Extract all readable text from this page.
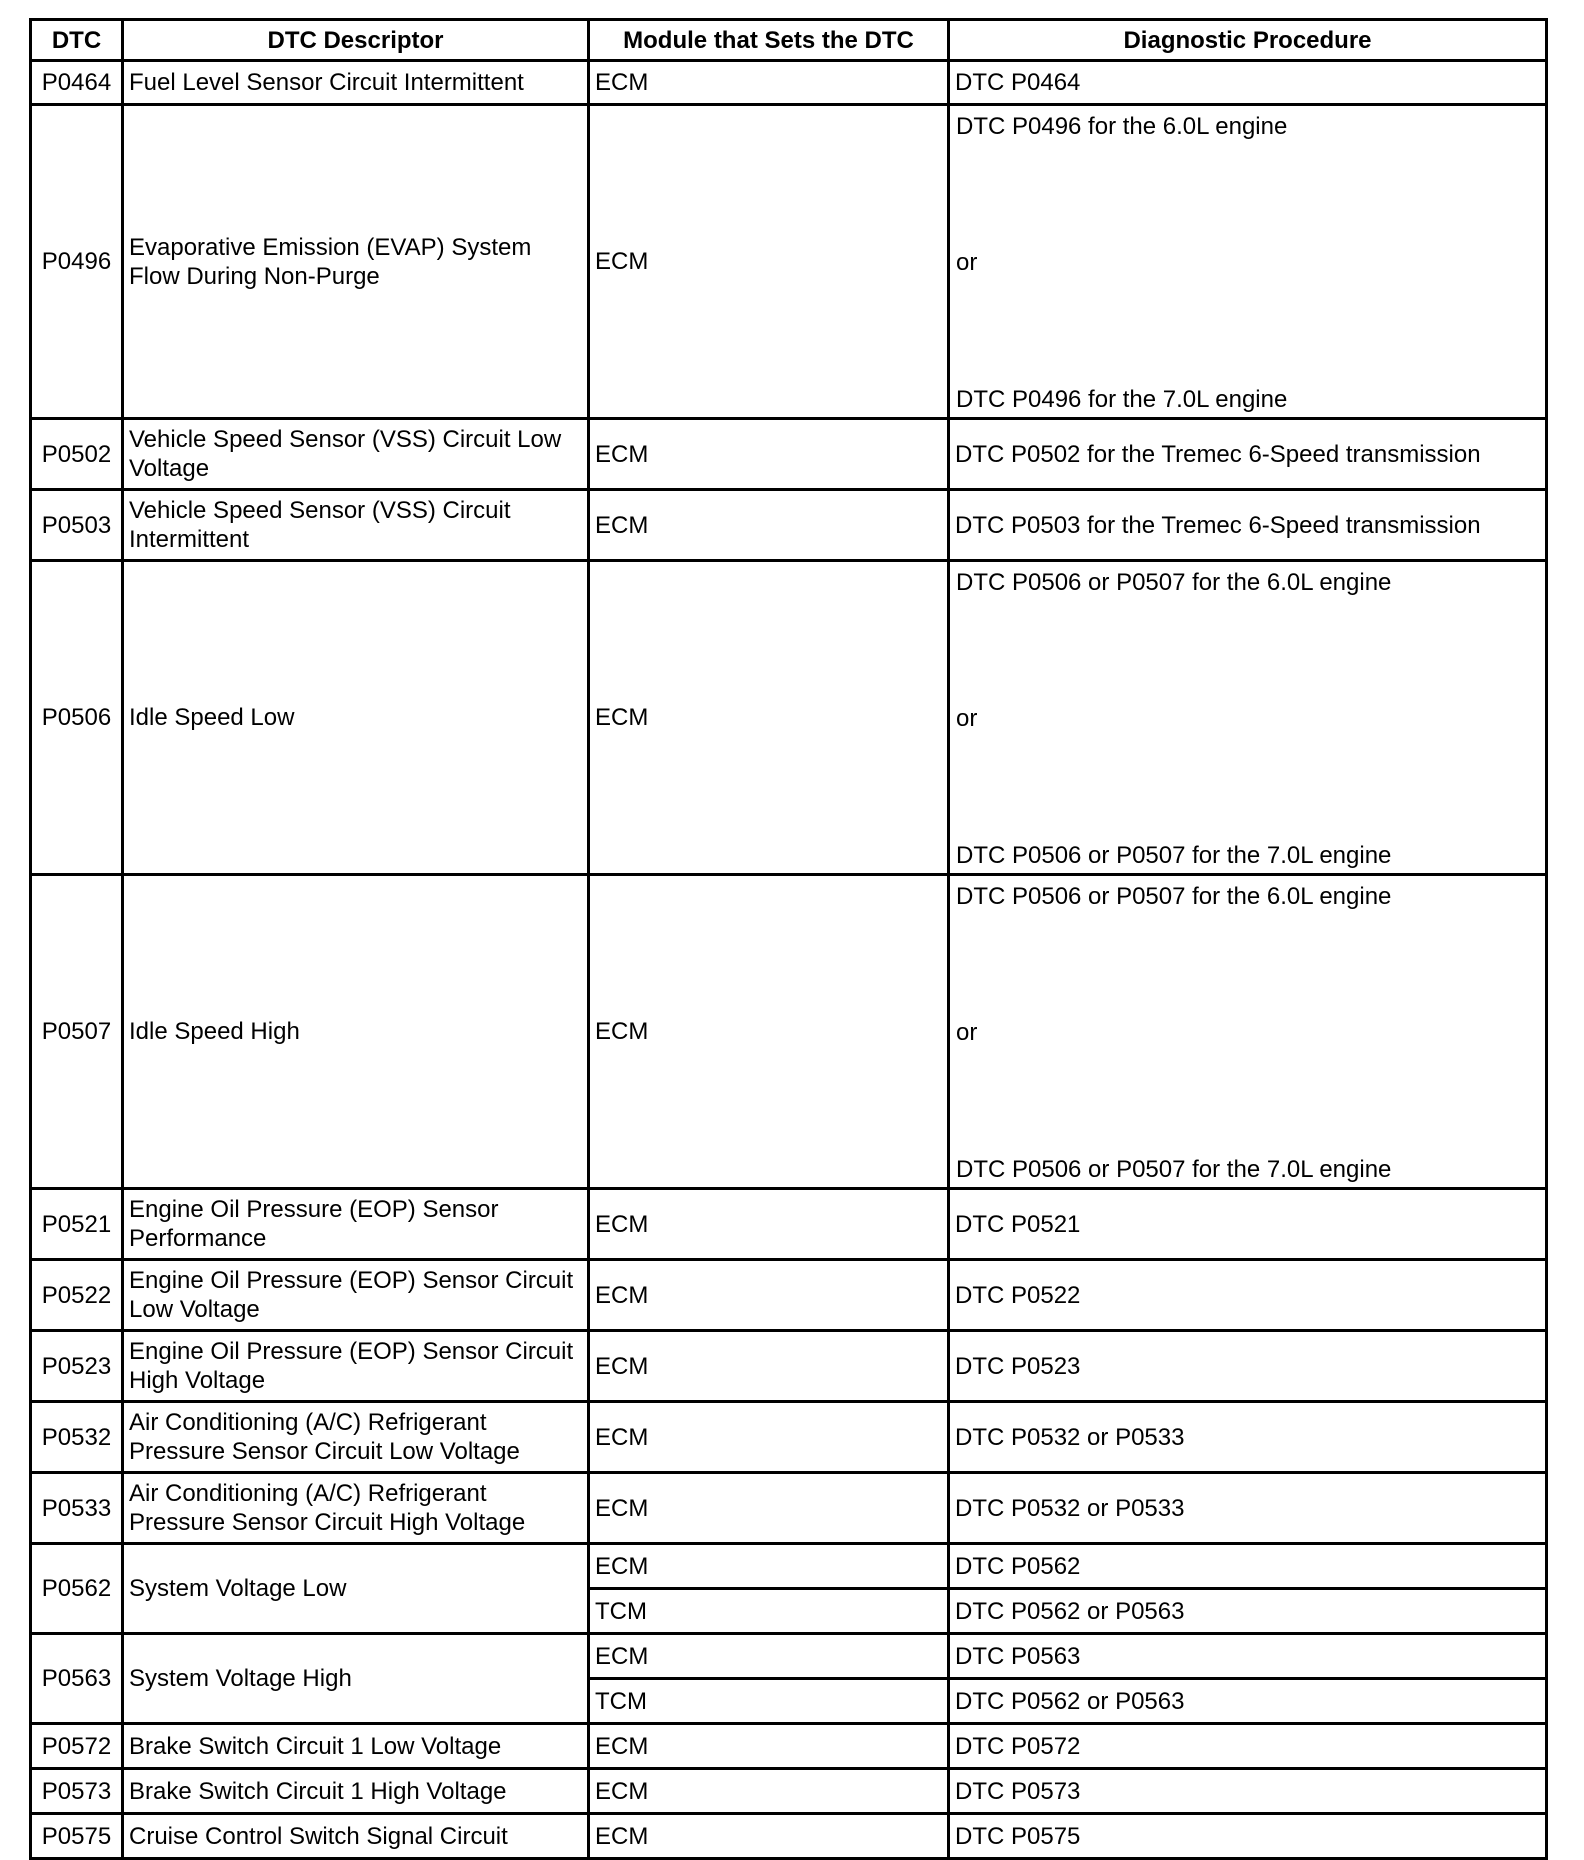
DTC	DTC Descriptor	Module that Sets the DTC	Diagnostic Procedure
P0464	Fuel Level Sensor Circuit Intermittent	ECM	DTC P0464
P0496	Evaporative Emission (EVAP) System Flow During Non-Purge	ECM	DTC P0496 for the 6.0L engine
or
DTC P0496 for the 7.0L engine

P0502	Vehicle Speed Sensor (VSS) Circuit Low Voltage	ECM	DTC P0502 for the Tremec 6-Speed transmission
P0503	Vehicle Speed Sensor (VSS) Circuit Intermittent	ECM	DTC P0503 for the Tremec 6-Speed transmission
P0506	Idle Speed Low	ECM	DTC P0506 or P0507 for the 6.0L engine
or
DTC P0506 or P0507 for the 7.0L engine

P0507	Idle Speed High	ECM	DTC P0506 or P0507 for the 6.0L engine
or
DTC P0506 or P0507 for the 7.0L engine

P0521	Engine Oil Pressure (EOP) Sensor Performance	ECM	DTC P0521
P0522	Engine Oil Pressure (EOP) Sensor Circuit Low Voltage	ECM	DTC P0522
P0523	Engine Oil Pressure (EOP) Sensor Circuit High Voltage	ECM	DTC P0523
P0532	Air Conditioning (A/C) Refrigerant Pressure Sensor Circuit Low Voltage	ECM	DTC P0532 or P0533
P0533	Air Conditioning (A/C) Refrigerant Pressure Sensor Circuit High Voltage	ECM	DTC P0532 or P0533
P0562	System Voltage Low	ECM	DTC P0562
		TCM	DTC P0562 or P0563
P0563	System Voltage High	ECM	DTC P0563
		TCM	DTC P0562 or P0563
P0572	Brake Switch Circuit 1 Low Voltage	ECM	DTC P0572
P0573	Brake Switch Circuit 1 High Voltage	ECM	DTC P0573
P0575	Cruise Control Switch Signal Circuit	ECM	DTC P0575
